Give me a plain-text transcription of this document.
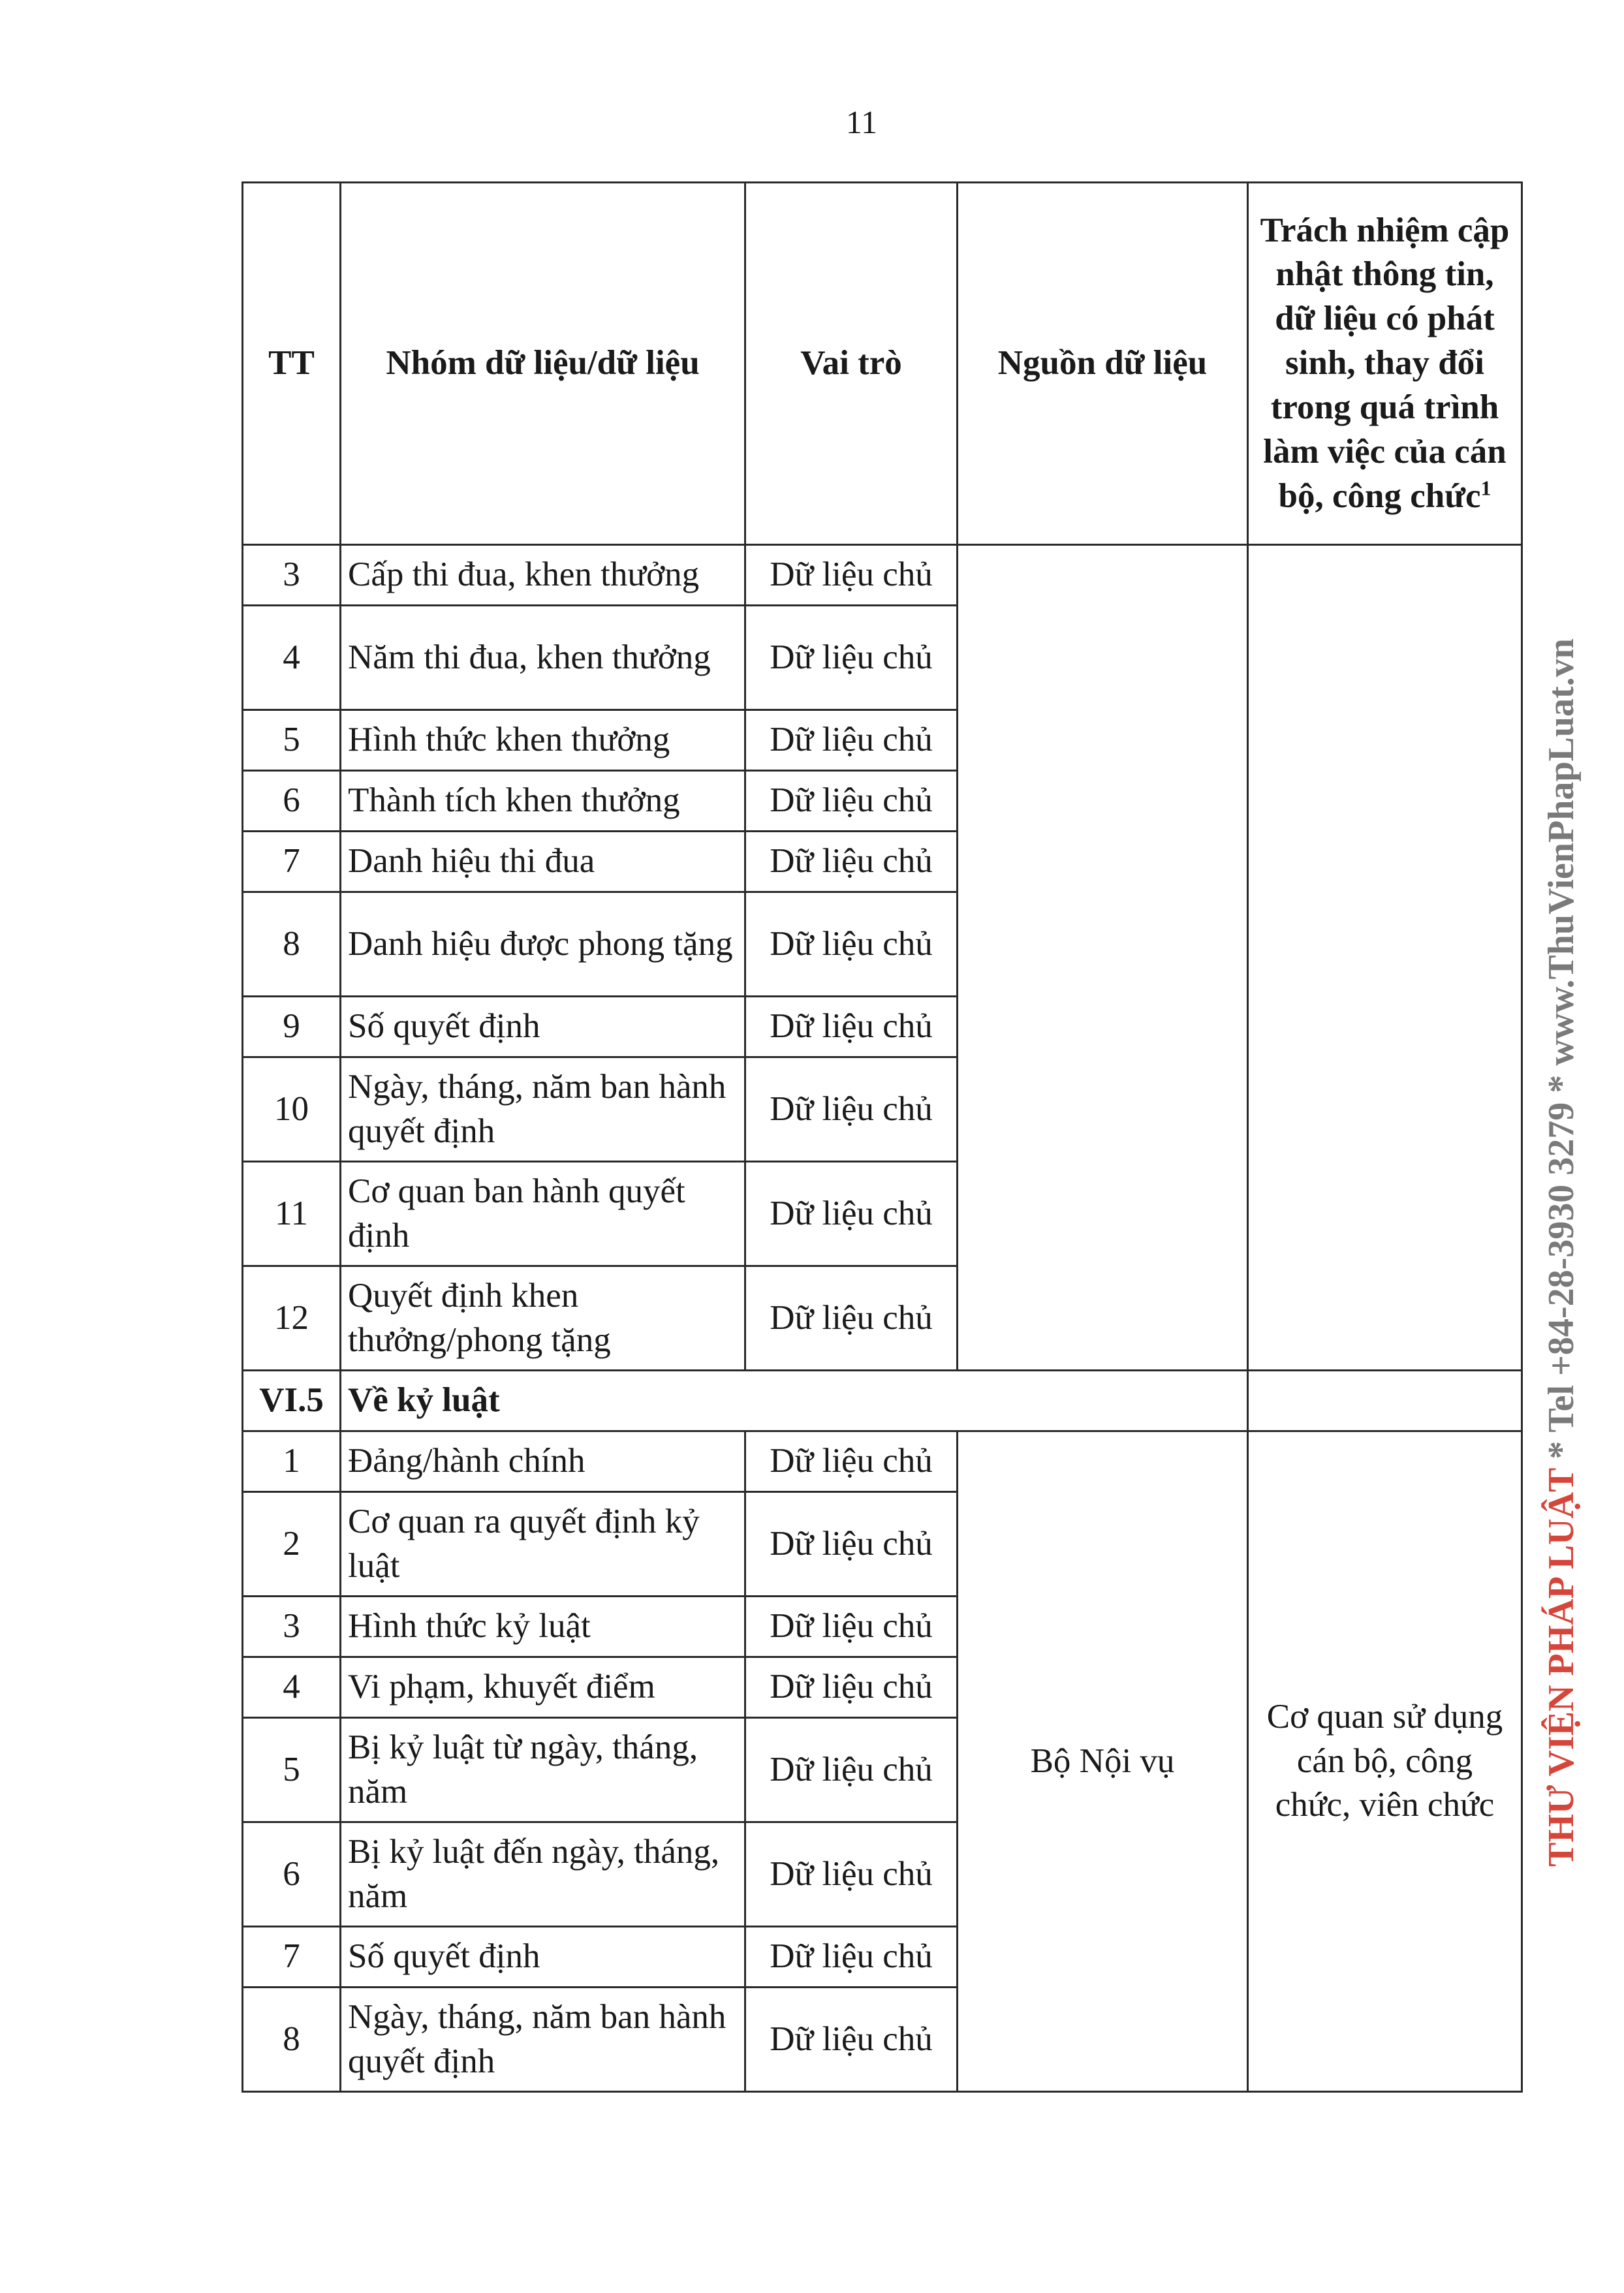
11
TT	Nhóm dữ liệu/dữ liệu	Vai trò	Nguồn dữ liệu	Trách nhiệm cập nhật thông tin, dữ liệu có phát sinh, thay đổi trong quá trình làm việc của cán bộ, công chức$^1$
3	Cấp thi đua, khen thưởng	Dữ liệu chủ		
4	Năm thi đua, khen thưởng	Dữ liệu chủ		
5	Hình thức khen thưởng	Dữ liệu chủ		
6	Thành tích khen thưởng	Dữ liệu chủ		
7	Danh hiệu thi đua	Dữ liệu chủ		
8	Danh hiệu được phong tặng	Dữ liệu chủ		
9	Số quyết định	Dữ liệu chủ		
10	Ngày, tháng, năm ban hành quyết định	Dữ liệu chủ		
11	Cơ quan ban hành quyết định	Dữ liệu chủ		
12	Quyết định khen thưởng/phong tặng	Dữ liệu chủ		
VI.5	Về kỷ luật			
1	Đảng/hành chính	Dữ liệu chủ	Bộ Nội vụ	Cơ quan sử dụng cán bộ, công chức, viên chức
2	Cơ quan ra quyết định kỷ luật	Dữ liệu chủ		
3	Hình thức kỷ luật	Dữ liệu chủ		
4	Vi phạm, khuyết điểm	Dữ liệu chủ		
5	Bị kỷ luật từ ngày, tháng, năm	Dữ liệu chủ		
6	Bị kỷ luật đến ngày, tháng, năm	Dữ liệu chủ		
7	Số quyết định	Dữ liệu chủ		
8	Ngày, tháng, năm ban hành quyết định	Dữ liệu chủ		
THƯ VIỆN PHÁP LUẬT * Tel +84-28-3930 3279 * www.ThuVienPhapLuat.vn
